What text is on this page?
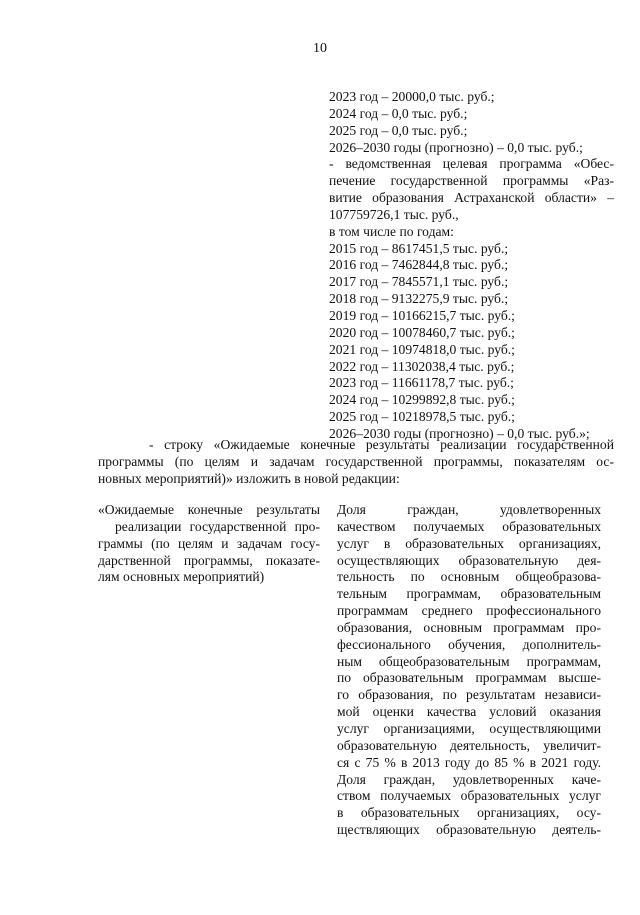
10
2023 год – 20000,0 тыс. руб.;
2024 год – 0,0 тыс. руб.;
2025 год – 0,0 тыс. руб.;
2026–2030 годы (прогнозно) – 0,0 тыс. руб.;
- ведомственная целевая программа «Обес-
печение государственной программы «Раз-
витие образования Астраханской области» –
107759726,1 тыс. руб.,
в том числе по годам:
2015 год – 8617451,5 тыс. руб.;
2016 год – 7462844,8 тыс. руб.;
2017 год – 7845571,1 тыс. руб.;
2018 год – 9132275,9 тыс. руб.;
2019 год – 10166215,7 тыс. руб.;
2020 год – 10078460,7 тыс. руб.;
2021 год – 10974818,0 тыс. руб.;
2022 год – 11302038,4 тыс. руб.;
2023 год – 11661178,7 тыс. руб.;
2024 год – 10299892,8 тыс. руб.;
2025 год – 10218978,5 тыс. руб.;
2026–2030 годы (прогнозно) – 0,0 тыс. руб.»;
- строку «Ожидаемые конечные результаты реализации государственной
программы (по целям и задачам государственной программы, показателям ос-
новных мероприятий)» изложить в новой редакции:
«Ожидаемые конечные результаты
реализации государственной про-
граммы (по целям и задачам госу-
дарственной программы, показате-
лям основных мероприятий)
Доля граждан, удовлетворенных
качеством получаемых образовательных
услуг в образовательных организациях,
осуществляющих образовательную дея-
тельность по основным общеобразова-
тельным программам, образовательным
программам среднего профессионального
образования, основным программам про-
фессионального обучения, дополнитель-
ным общеобразовательным программам,
по образовательным программам высше-
го образования, по результатам независи-
мой оценки качества условий оказания
услуг организациями, осуществляющими
образовательную деятельность, увеличит-
ся с 75 % в 2013 году до 85 % в 2021 году.
Доля граждан, удовлетворенных каче-
ством получаемых образовательных услуг
в образовательных организациях, осу-
ществляющих образовательную деятель-
